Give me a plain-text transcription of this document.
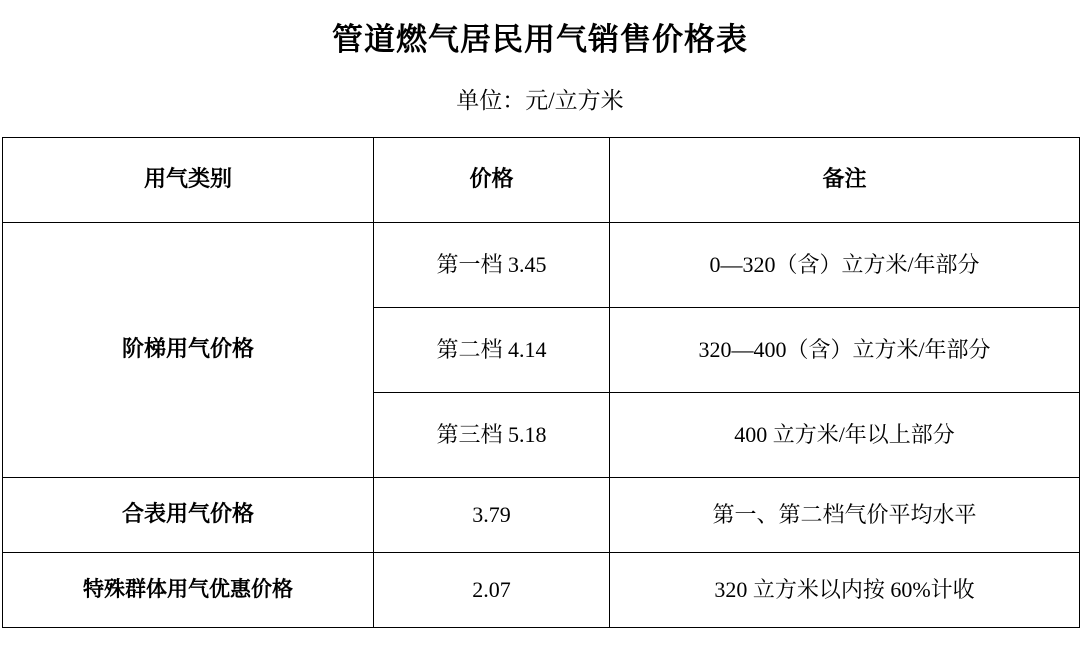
管道燃气居民用气销售价格表
单位：元/立方米
用气类别	价格	备注
阶梯用气价格	第一档 3.45	0—320（含）立方米/年部分
	第二档 4.14	320—400（含）立方米/年部分
	第三档 5.18	400 立方米/年以上部分
合表用气价格	3.79	第一、第二档气价平均水平
特殊群体用气优惠价格	2.07	320 立方米以内按 60%计收
